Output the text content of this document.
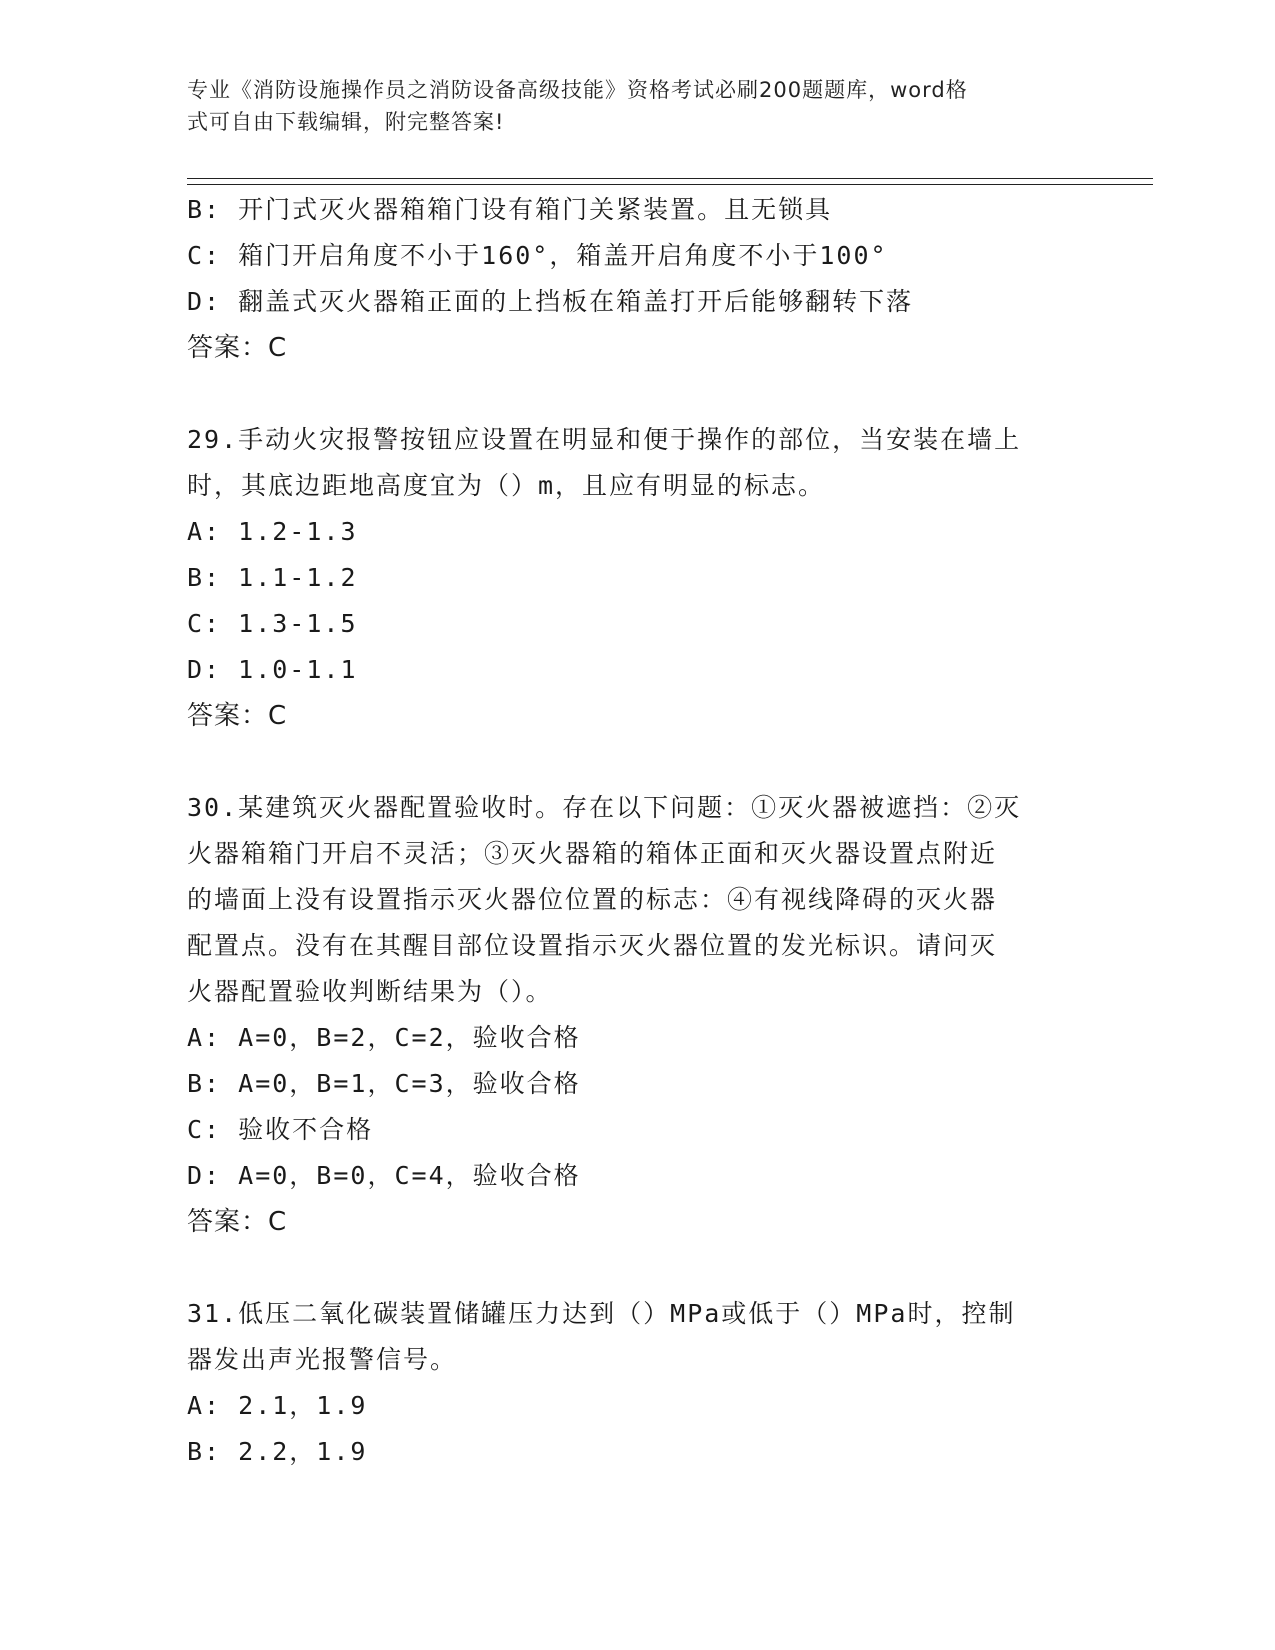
专业《消防设施操作员之消防设备高级技能》资格考试必刷200题题库，word格
式可自由下载编辑，附完整答案!
B: 开门式灭火器箱箱门设有箱门关紧装置。且无锁具
C: 箱门开启角度不小于160°，箱盖开启角度不小于100°
D: 翻盖式灭火器箱正面的上挡板在箱盖打开后能够翻转下落
答案：C
29.手动火灾报警按钮应设置在明显和便于操作的部位，当安装在墙上
时，其底边距地高度宜为（）m，且应有明显的标志。
A: 1.2-1.3
B: 1.1-1.2
C: 1.3-1.5
D: 1.0-1.1
答案：C
30.某建筑灭火器配置验收时。存在以下问题：①灭火器被遮挡：②灭
火器箱箱门开启不灵活；③灭火器箱的箱体正面和灭火器设置点附近
的墙面上没有设置指示灭火器位位置的标志：④有视线降碍的灭火器
配置点。没有在其醒目部位设置指示灭火器位置的发光标识。请问灭
火器配置验收判断结果为（）。
A: A=0，B=2，C=2，验收合格
B: A=0，B=1，C=3，验收合格
C: 验收不合格
D: A=0，B=0，C=4，验收合格
答案：C
31.低压二氧化碳装置储罐压力达到（）MPa或低于（）MPa时，控制
器发出声光报警信号。
A: 2.1，1.9
B: 2.2，1.9
